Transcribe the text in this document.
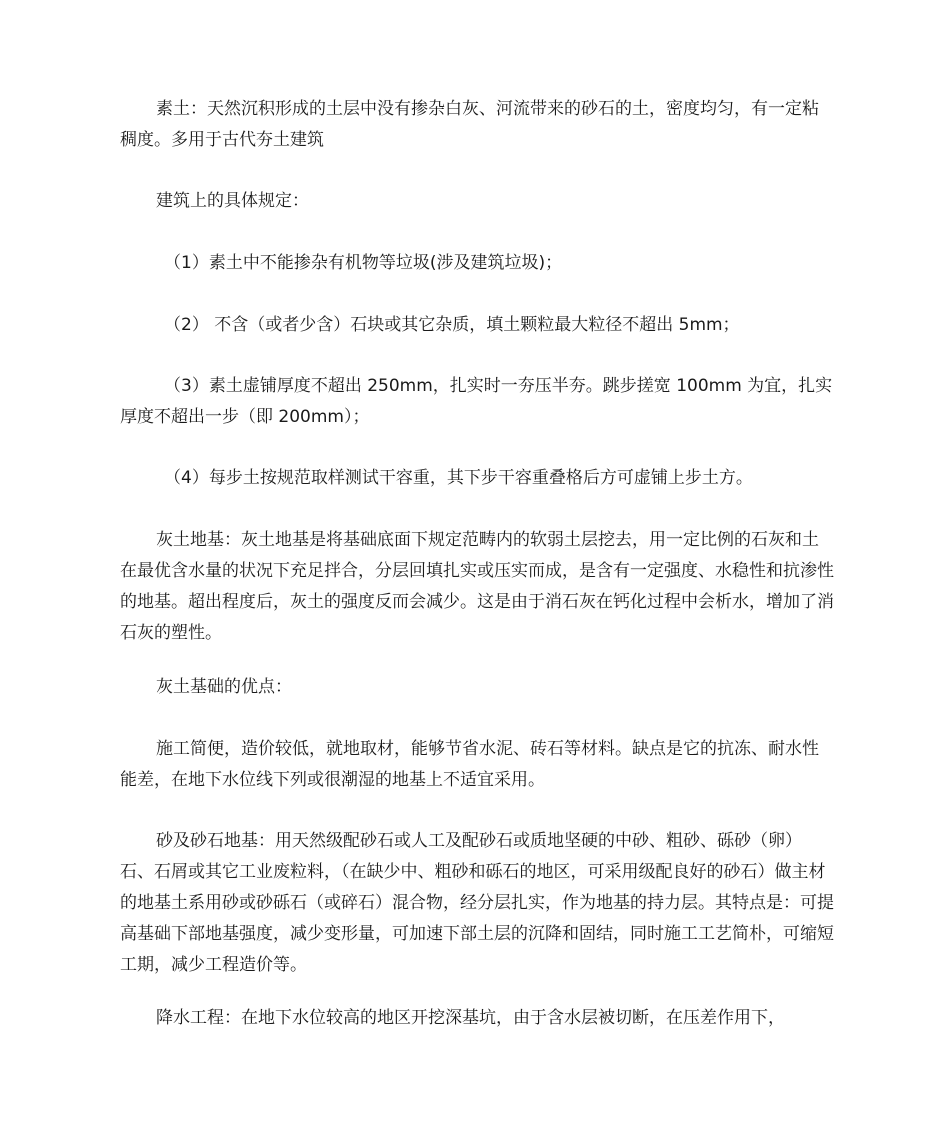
素土：天然沉积形成的土层中没有掺杂白灰、河流带来的砂石的土，密度均匀，有一定粘稠度。多用于古代夯土建筑

建筑上的具体规定：

（1）素土中不能掺杂有机物等垃圾(涉及建筑垃圾)；

（2） 不含（或者少含）石块或其它杂质，填土颗粒最大粒径不超出 5mm；

（3）素土虚铺厚度不超出 250mm，扎实时一夯压半夯。跳步搓宽 100mm 为宜，扎实厚度不超出一步（即 200mm）；

（4）每步土按规范取样测试干容重，其下步干容重叠格后方可虚铺上步土方。

灰土地基：灰土地基是将基础底面下规定范畴内的软弱土层挖去，用一定比例的石灰和土在最优含水量的状况下充足拌合，分层回填扎实或压实而成，是含有一定强度、水稳性和抗渗性的地基。超出程度后，灰土的强度反而会减少。这是由于消石灰在钙化过程中会析水，增加了消石灰的塑性。

灰土基础的优点：

施工简便，造价较低，就地取材，能够节省水泥、砖石等材料。缺点是它的抗冻、耐水性能差，在地下水位线下列或很潮湿的地基上不适宜采用。

砂及砂石地基：用天然级配砂石或人工及配砂石或质地坚硬的中砂、粗砂、砾砂（卵）石、石屑或其它工业废粒料，（在缺少中、粗砂和砾石的地区，可采用级配良好的砂石）做主材的地基土系用砂或砂砾石（或碎石）混合物，经分层扎实，作为地基的持力层。其特点是：可提高基础下部地基强度，减少变形量，可加速下部土层的沉降和固结，同时施工工艺简朴，可缩短工期，减少工程造价等。

降水工程：在地下水位较高的地区开挖深基坑，由于含水层被切断，在压差作用下，
